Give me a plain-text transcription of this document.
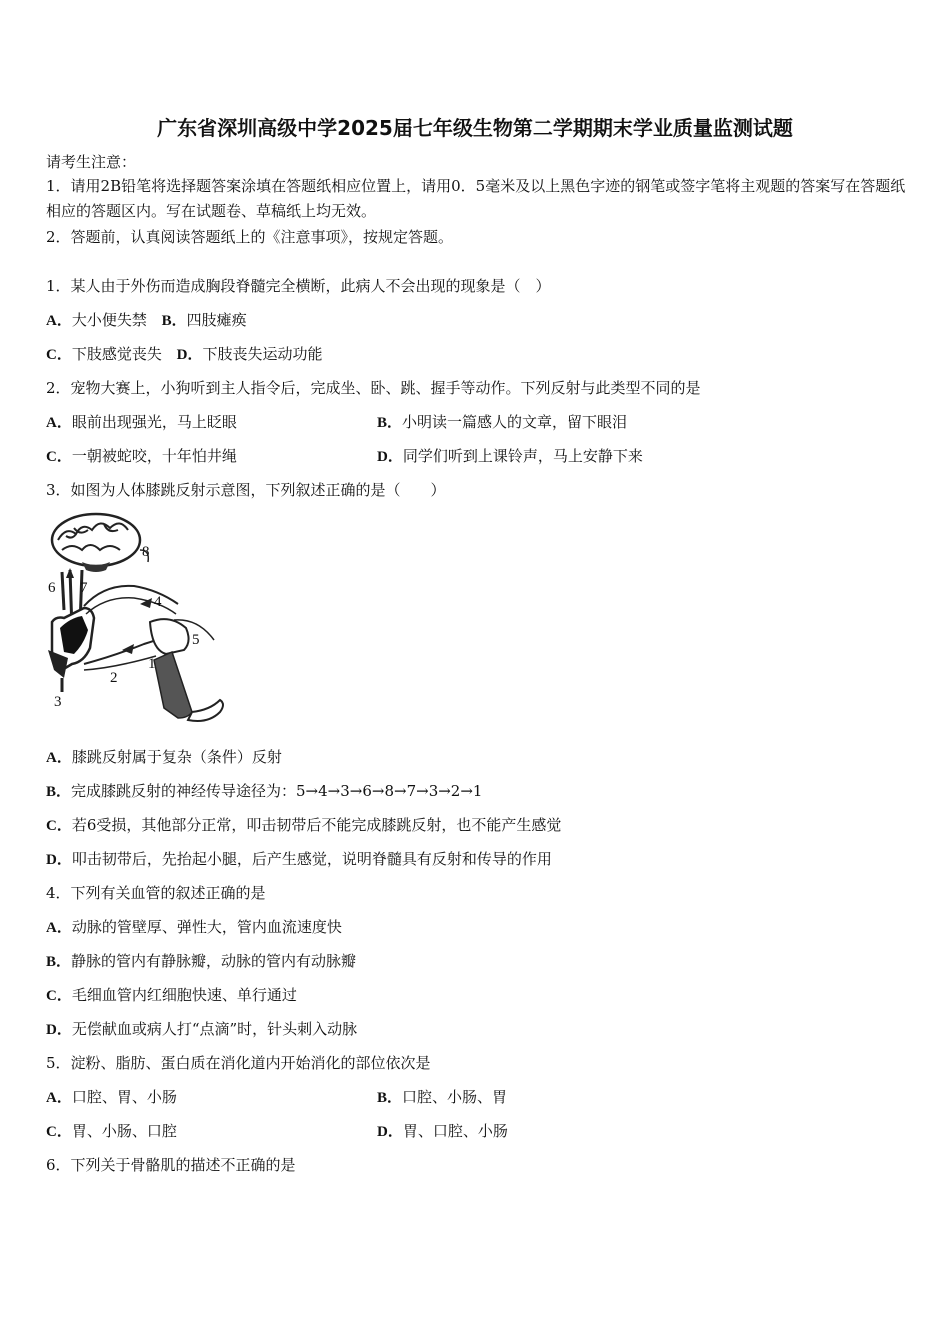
广东省深圳高级中学2025届七年级生物第二学期期末学业质量监测试题
请考生注意：
1．请用2B铅笔将选择题答案涂填在答题纸相应位置上，请用0．5毫米及以上黑色字迹的钢笔或签字笔将主观题的答案写在答题纸相应的答题区内。写在试题卷、草稿纸上均无效。
2．答题前，认真阅读答题纸上的《注意事项》，按规定答题。
1．某人由于外伤而造成胸段脊髓完全横断，此病人不会出现的现象是（　）
A．大小便失禁 B．四肢瘫痪
C．下肢感觉丧失 D．下肢丧失运动功能
2．宠物大赛上，小狗听到主人指令后，完成坐、卧、跳、握手等动作。下列反射与此类型不同的是
A．眼前出现强光，马上眨眼	B．小明读一篇感人的文章，留下眼泪
C．一朝被蛇咬，十年怕井绳	D．同学们听到上课铃声，马上安静下来
3．如图为人体膝跳反射示意图，下列叙述正确的是（　　）
8
7
6
4
5
1
2
3
A．膝跳反射属于复杂（条件）反射
B．完成膝跳反射的神经传导途径为：5→4→3→6→8→7→3→2→1
C．若6受损，其他部分正常，叩击韧带后不能完成膝跳反射，也不能产生感觉
D．叩击韧带后，先抬起小腿，后产生感觉，说明脊髓具有反射和传导的作用
4．下列有关血管的叙述正确的是
A．动脉的管壁厚、弹性大，管内血流速度快
B．静脉的管内有静脉瓣，动脉的管内有动脉瓣
C．毛细血管内红细胞快速、单行通过
D．无偿献血或病人打“点滴”时，针头刺入动脉
5．淀粉、脂肪、蛋白质在消化道内开始消化的部位依次是
A．口腔、胃、小肠	B．口腔、小肠、胃
C．胃、小肠、口腔	D．胃、口腔、小肠
6．下列关于骨骼肌的描述不正确的是
